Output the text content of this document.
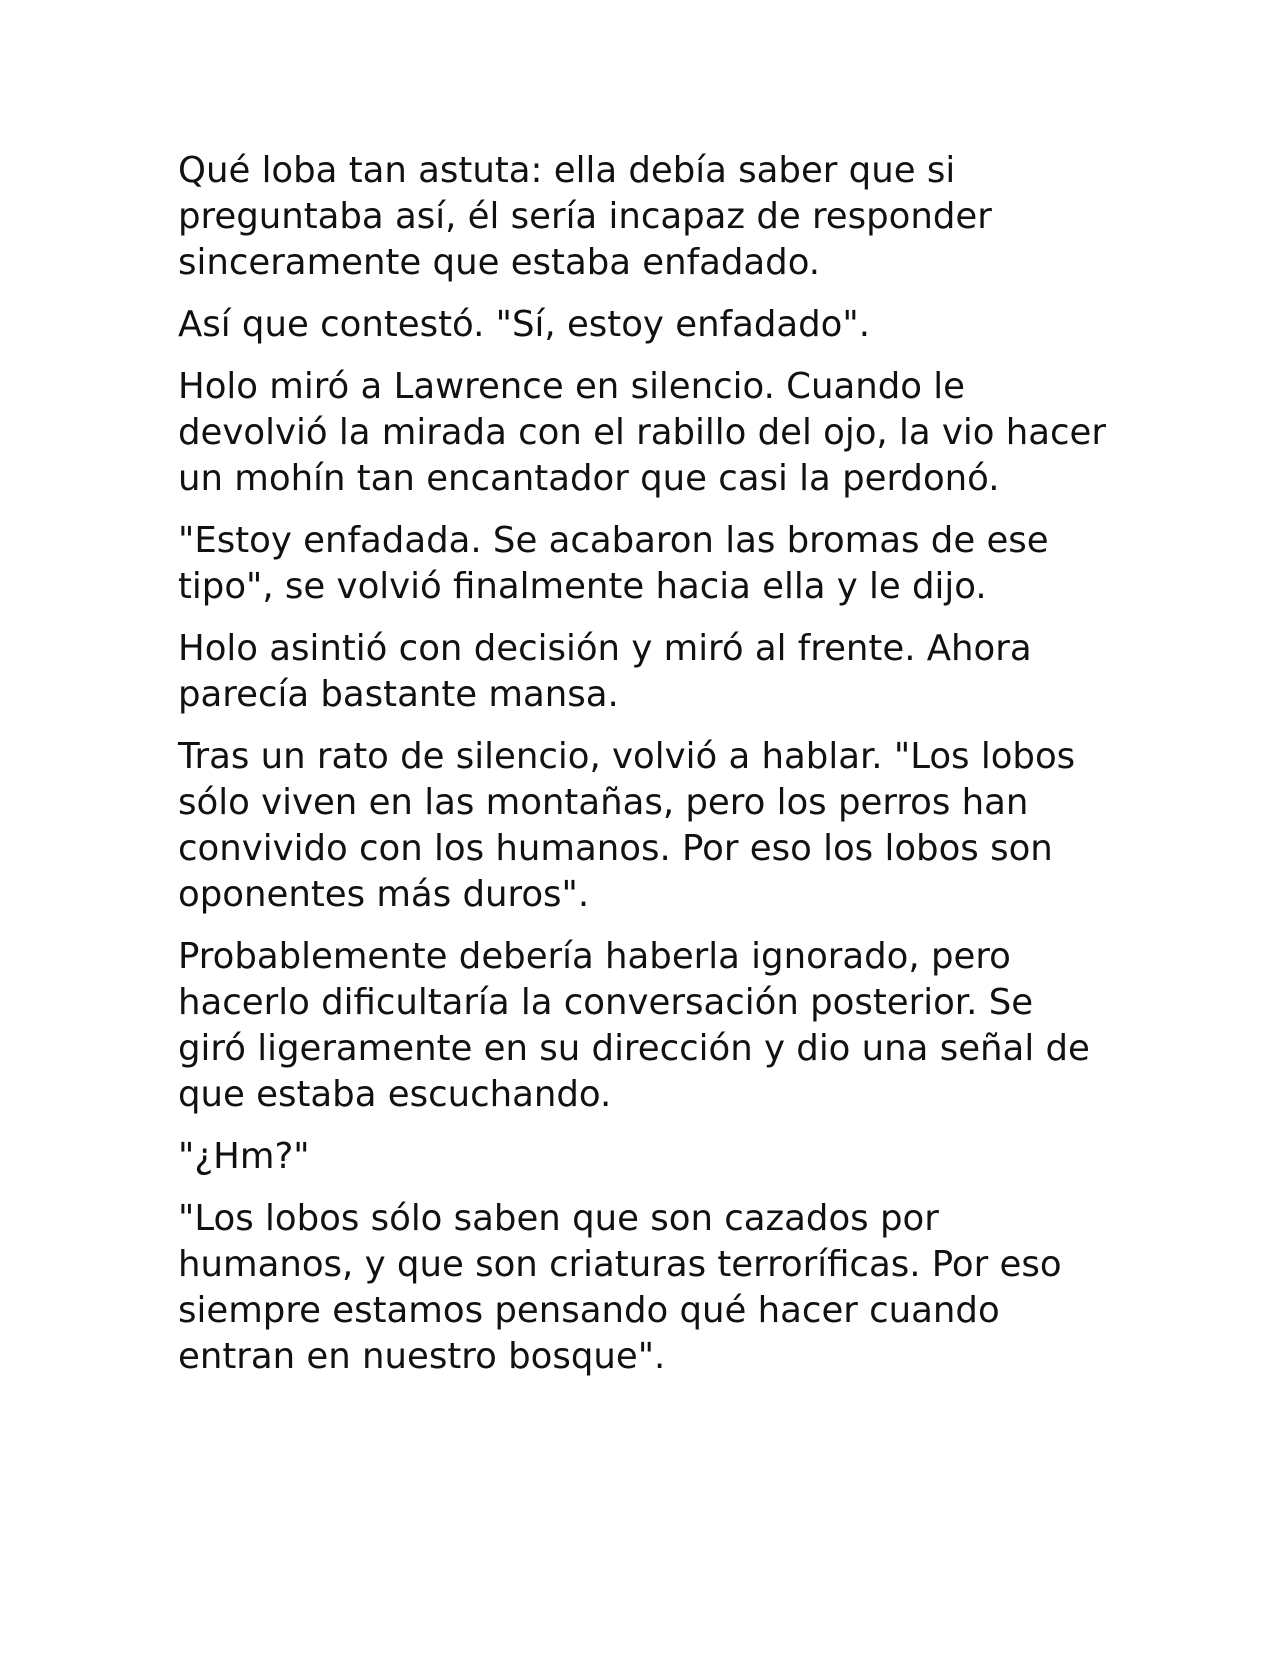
Qué loba tan astuta: ella debía saber que si preguntaba así, él sería incapaz de responder sinceramente que estaba enfadado.

Así que contestó. "Sí, estoy enfadado".

Holo miró a Lawrence en silencio. Cuando le devolvió la mirada con el rabillo del ojo, la vio hacer un mohín tan encantador que casi la perdonó.

"Estoy enfadada. Se acabaron las bromas de ese tipo", se volvió finalmente hacia ella y le dijo.

Holo asintió con decisión y miró al frente. Ahora parecía bastante mansa.

Tras un rato de silencio, volvió a hablar. "Los lobos sólo viven en las montañas, pero los perros han convivido con los humanos. Por eso los lobos son oponentes más duros".

Probablemente debería haberla ignorado, pero hacerlo dificultaría la conversación posterior. Se giró ligeramente en su dirección y dio una señal de que estaba escuchando.

"¿Hm?"

"Los lobos sólo saben que son cazados por humanos, y que son criaturas terroríficas. Por eso siempre estamos pensando qué hacer cuando entran en nuestro bosque".
